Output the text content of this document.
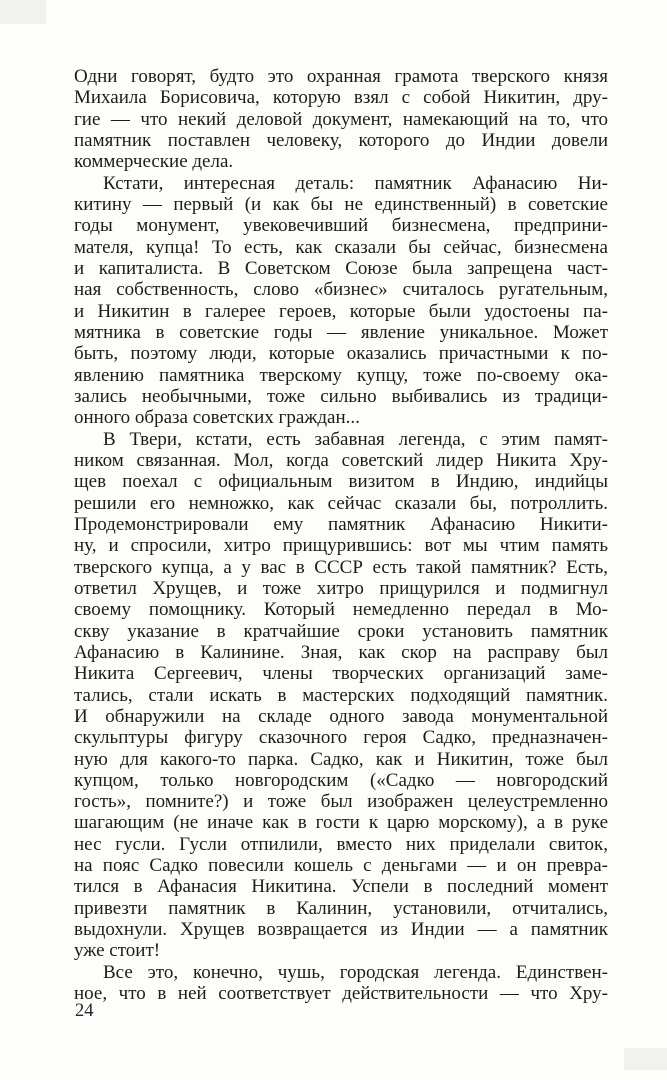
Одни говорят, будто это охранная грамота тверского князя
Михаила Борисовича, которую взял с собой Никитин, дру-
гие — что некий деловой документ, намекающий на то, что
памятник поставлен человеку, которого до Индии довели
коммерческие дела.
Кстати, интересная деталь: памятник Афанасию Ни-
китину — первый (и как бы не единственный) в советские
годы монумент, увековечивший бизнесмена, предприни-
мателя, купца! То есть, как сказали бы сейчас, бизнесмена
и капиталиста. В Советском Союзе была запрещена част-
ная собственность, слово «бизнес» считалось ругательным,
и Никитин в галерее героев, которые были удостоены па-
мятника в советские годы — явление уникальное. Может
быть, поэтому люди, которые оказались причастными к по-
явлению памятника тверскому купцу, тоже по-своему ока-
зались необычными, тоже сильно выбивались из традици-
онного образа советских граждан...
В Твери, кстати, есть забавная легенда, с этим памят-
ником связанная. Мол, когда советский лидер Никита Хру-
щев поехал с официальным визитом в Индию, индийцы
решили его немножко, как сейчас сказали бы, потроллить.
Продемонстрировали ему памятник Афанасию Никити-
ну, и спросили, хитро прищурившись: вот мы чтим память
тверского купца, а у вас в СССР есть такой памятник? Есть,
ответил Хрущев, и тоже хитро прищурился и подмигнул
своему помощнику. Который немедленно передал в Мо-
скву указание в кратчайшие сроки установить памятник
Афанасию в Калинине. Зная, как скор на расправу был
Никита Сергеевич, члены творческих организаций заме-
тались, стали искать в мастерских подходящий памятник.
И обнаружили на складе одного завода монументальной
скульптуры фигуру сказочного героя Садко, предназначен-
ную для какого-то парка. Садко, как и Никитин, тоже был
купцом, только новгородским («Садко — новгородский
гость», помните?) и тоже был изображен целеустремленно
шагающим (не иначе как в гости к царю морскому), а в руке
нес гусли. Гусли отпилили, вместо них приделали свиток,
на пояс Садко повесили кошель с деньгами — и он превра-
тился в Афанасия Никитина. Успели в последний момент
привезти памятник в Калинин, установили, отчитались,
выдохнули. Хрущев возвращается из Индии — а памятник
уже стоит!
Все это, конечно, чушь, городская легенда. Единствен-
ное, что в ней соответствует действительности — что Хру-
24
